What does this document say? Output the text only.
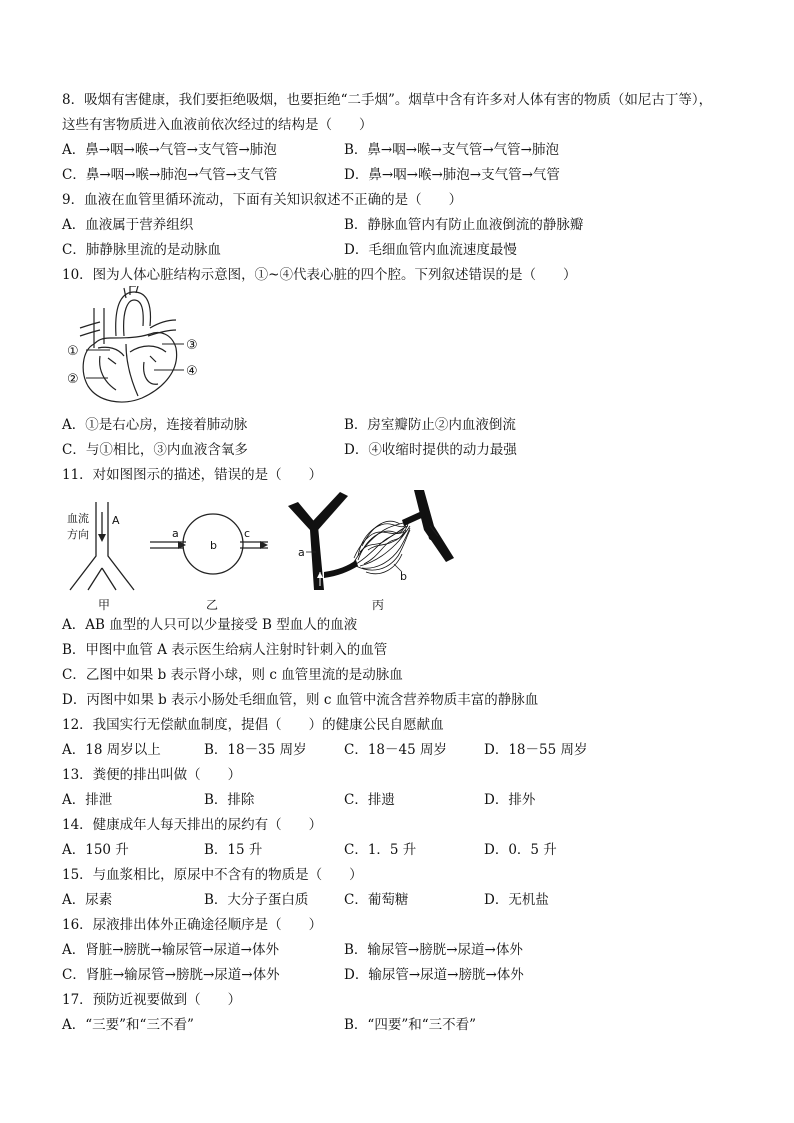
8．吸烟有害健康，我们要拒绝吸烟，也要拒绝“二手烟”。烟草中含有许多对人体有害的物质（如尼古丁等），
这些有害物质进入血液前依次经过的结构是（　　）
A．鼻→咽→喉→气管→支气管→肺泡	B．鼻→咽→喉→支气管→气管→肺泡
C．鼻→咽→喉→肺泡→气管→支气管	D．鼻→咽→喉→肺泡→支气管→气管
9．血液在血管里循环流动，下面有关知识叙述不正确的是（　　）
A．血液属于营养组织	B．静脉血管内有防止血液倒流的静脉瓣
C．肺静脉里流的是动脉血	D．毛细血管内血流速度最慢
10．图为人体心脏结构示意图，①~④代表心脏的四个腔。下列叙述错误的是（　　）
①
②
③
④
A．①是右心房，连接着肺动脉	B．房室瓣防止②内血液倒流
C．与①相比，③内血液含氧多	D．④收缩时提供的动力最强
11．对如图图示的描述，错误的是（　　）
血流
方向
A
甲
a
b
c
乙
a
b
c
丙
A．AB 血型的人只可以少量接受 B 型血人的血液
B．甲图中血管 A 表示医生给病人注射时针刺入的血管
C．乙图中如果 b 表示肾小球，则 c 血管里流的是动脉血
D．丙图中如果 b 表示小肠处毛细血管，则 c 血管中流含营养物质丰富的静脉血
12．我国实行无偿献血制度，提倡（　　）的健康公民自愿献血
A．18 周岁以上	B．18－35 周岁	C．18－45 周岁	D．18－55 周岁
13．粪便的排出叫做（　　）
A．排泄	B．排除	C．排遗	D．排外
14．健康成年人每天排出的尿约有（　　）
A．150 升	B．15 升	C．1．5 升	D．0．5 升
15．与血浆相比，原尿中不含有的物质是（　　）
A．尿素	B．大分子蛋白质	C．葡萄糖	D．无机盐
16．尿液排出体外正确途径顺序是（　　）
A．肾脏→膀胱→输尿管→尿道→体外	B．输尿管→膀胱→尿道→体外
C．肾脏→输尿管→膀胱→尿道→体外	D．输尿管→尿道→膀胱→体外
17．预防近视要做到（　　）
A．“三要”和“三不看”	B．“四要”和“三不看”
